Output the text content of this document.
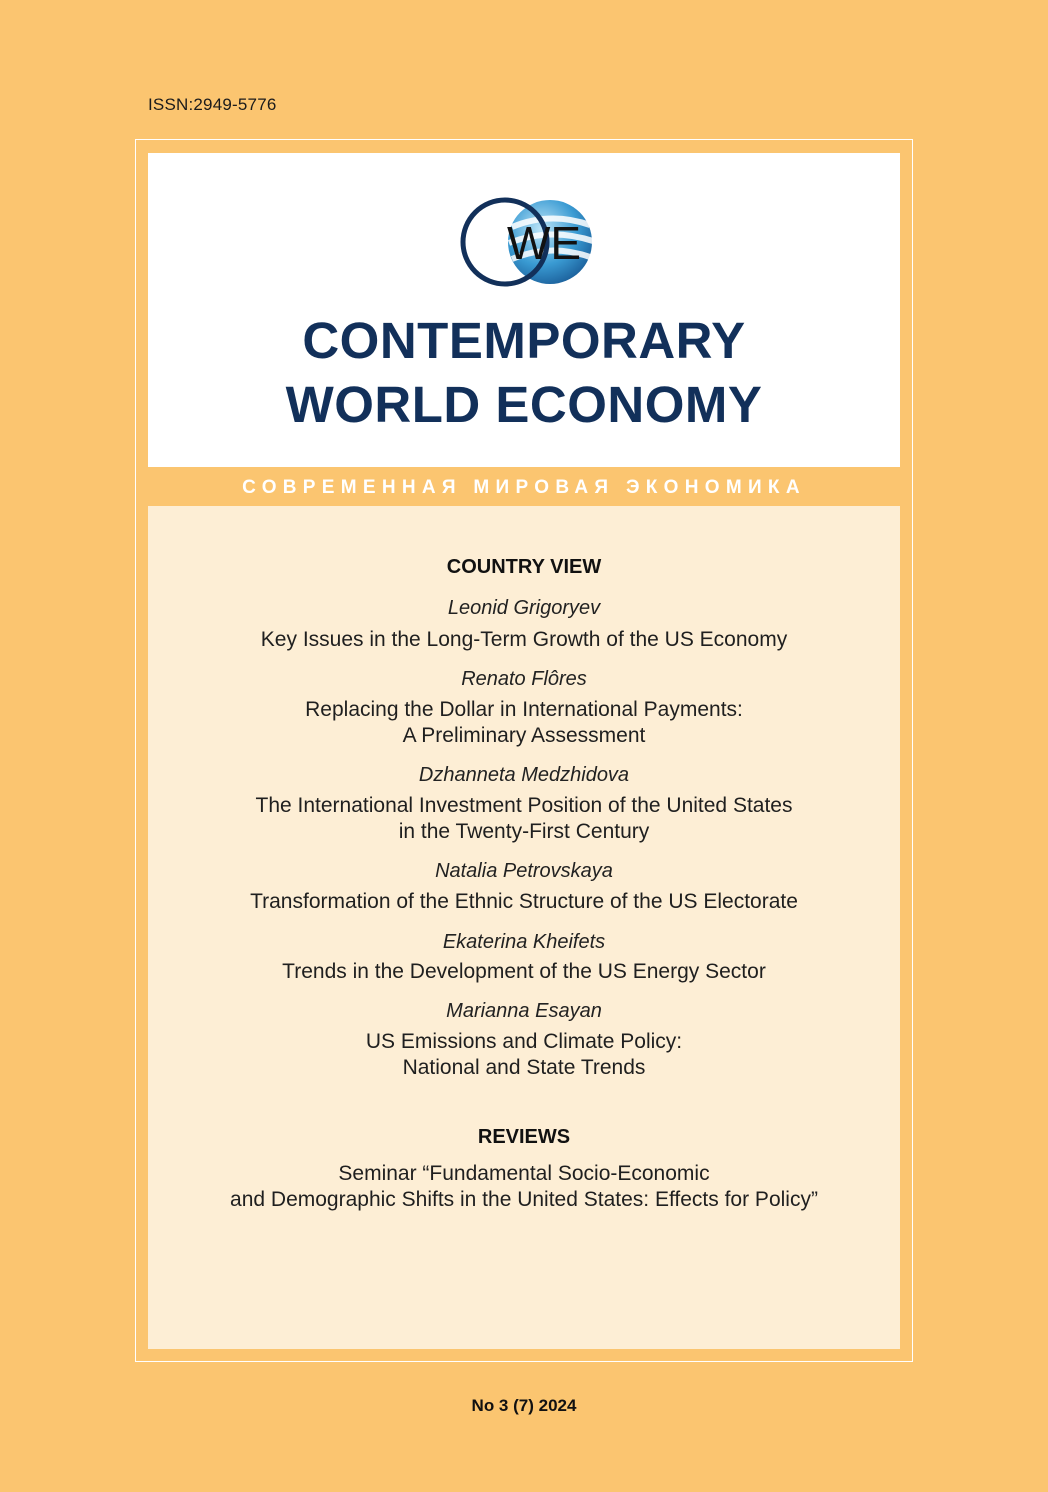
ISSN:2949-5776
WE
CONTEMPORARY
WORLD ECONOMY
СОВРЕМЕННАЯ МИРОВАЯ ЭКОНОМИКА
COUNTRY VIEW
Leonid Grigoryev
Key Issues in the Long-Term Growth of the US Economy
Renato Flôres
Replacing the Dollar in International Payments:
A Preliminary Assessment
Dzhanneta Medzhidova
The International Investment Position of the United States
in the Twenty-First Century
Natalia Petrovskaya
Transformation of the Ethnic Structure of the US Electorate
Ekaterina Kheifets
Trends in the Development of the US Energy Sector
Marianna Esayan
US Emissions and Climate Policy:
National and State Trends
REVIEWS
Seminar “Fundamental Socio-Economic
and Demographic Shifts in the United States: Effects for Policy”
No 3 (7) 2024
